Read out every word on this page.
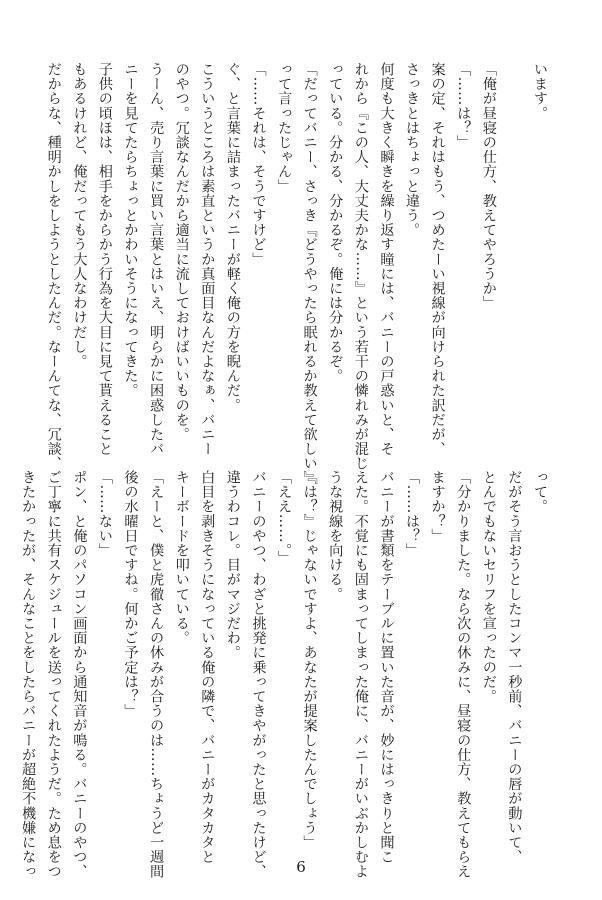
います。

「俺が昼寝の仕方、教えてやろうか」
「……は？」
案の定、それはもう、つめたーい視線が向けられた訳だが、
さっきとはちょっと違う。
何度も大きく瞬きを繰り返す瞳には、バニーの戸惑いと、そ
れから『この人、大丈夫かな……』という若干の憐れみが混じ
っている。分かる、分かるぞ。俺には分かるぞ。
「だってバニー、さっき『どうやったら眠れるか教えて欲しい』
って言ったじゃん」
「……それは、そうですけど」
ぐ、と言葉に詰まったバニーが軽く俺の方を睨んだ。
こういうところは素直というか真面目なんだよなぁ、バニー
のやつ。冗談なんだから適当に流しておけばいいものを。
うーん、売り言葉に買い言葉とはいえ、明らかに困惑したバ
ニーを見てたらちょっとかわいそうになってきた。
子供の頃ほは、相手をからかう行為を大目に見て貰えること
もあるけれど、俺だってもう大人なわけだし。
だからな、種明かしをしようとしたんだ。なーんてな、冗談、
って。
だがそう言おうとしたコンマ一秒前、バニーの唇が動いて、
とんでもないセリフを宣ったのだ。
「分かりました。なら次の休みに、昼寝の仕方、教えてもらえ
ますか？」
「……は？」
バニーが書類をテーブルに置いた音が、妙にはっきりと聞こ
えた。不覚にも固まってしまった俺に、バニーがいぶかしむよ
うな視線を向ける。
『は？』じゃないですよ、あなたが提案したんでしょう」
「ええ……。」
バニーのやつ、わざと挑発に乗ってきやがったと思ったけど、
違うわコレ。目がマジだわ。
白目を剥きそうになっている俺の隣で、バニーがカタカタと
キーボードを叩いている。
「えーと、僕と虎徹さんの休みが合うのは……ちょうど一週間
後の水曜日ですね。何かご予定は？」
「……ない」
ポン、と俺のパソコン画面から通知音が鳴る。バニーのやつ、
ご丁寧に共有スケジュールを送ってくれたようだ。ため息をつ
きたかったが、そんなことをしたらバニーが超絶不機嫌になっ	6
